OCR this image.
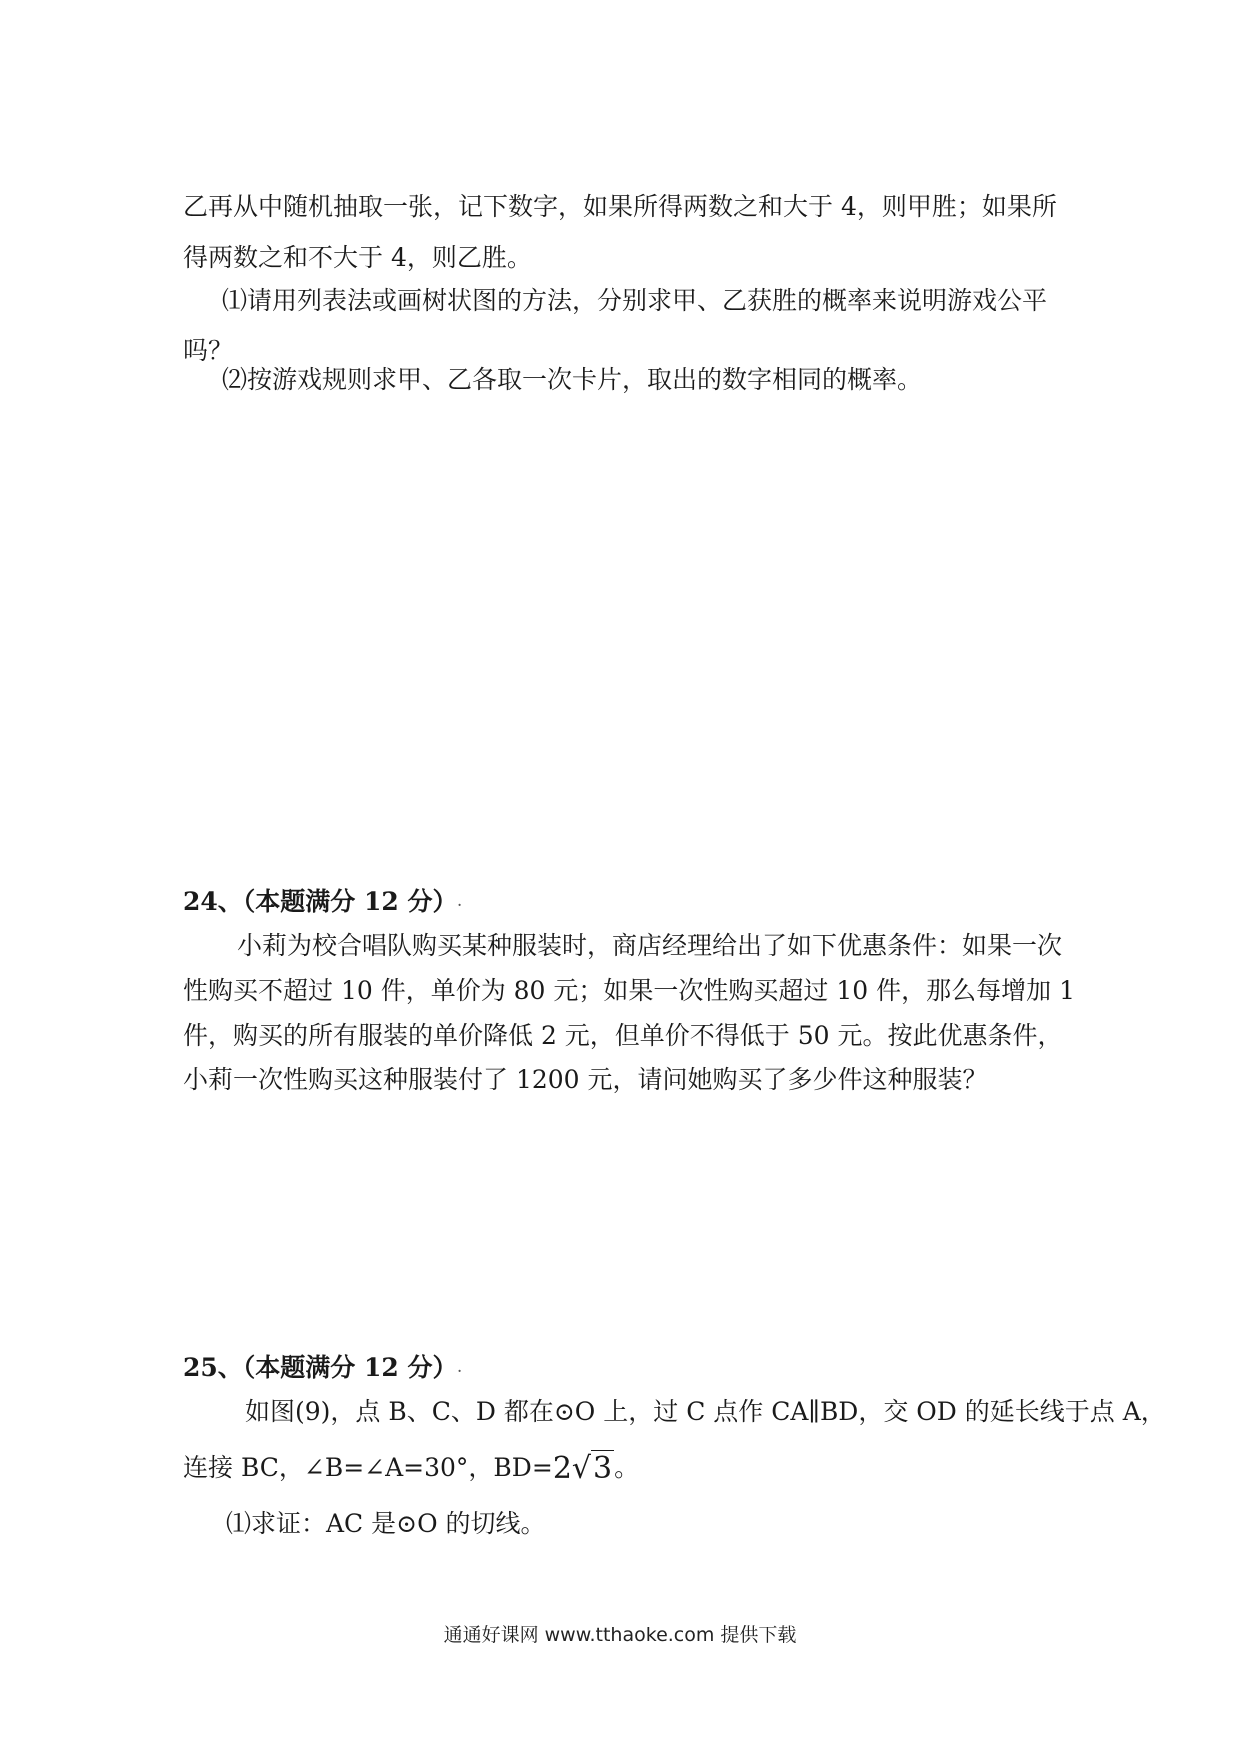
乙再从中随机抽取一张，记下数字，如果所得两数之和大于 4，则甲胜；如果所
得两数之和不大于 4，则乙胜。
⑴请用列表法或画树状图的方法，分别求甲、乙获胜的概率来说明游戏公平
吗？
⑵按游戏规则求甲、乙各取一次卡片，取出的数字相同的概率。
24、（本题满分 12 分）.
小莉为校合唱队购买某种服装时，商店经理给出了如下优惠条件：如果一次
性购买不超过 10 件，单价为 80 元；如果一次性购买超过 10 件，那么每增加 1
件，购买的所有服装的单价降低 2 元，但单价不得低于 50 元。按此优惠条件，
小莉一次性购买这种服装付了 1200 元，请问她购买了多少件这种服装？
25、（本题满分 12 分）.
如图(9)，点 B、C、D 都在⊙O 上，过 C 点作 CA∥BD，交 OD 的延长线于点 A，
连接 BC，∠B=∠A=30°，BD=2√3。
⑴求证：AC 是⊙O 的切线。
通通好课网 www.tthaoke.com 提供下载
